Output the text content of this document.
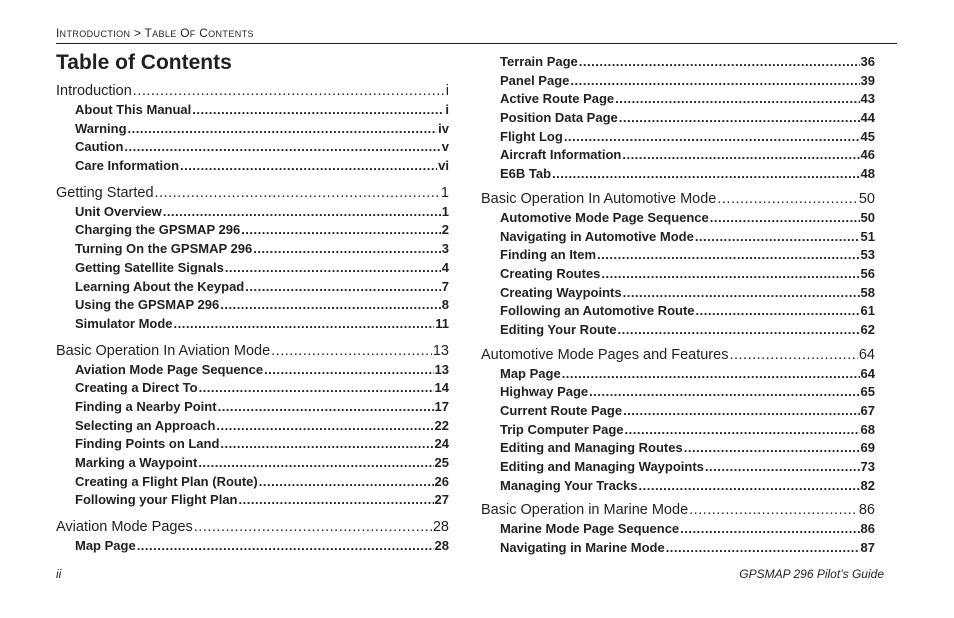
INTRODUCTION > TABLE OF CONTENTS
Table of Contents
Introduction .....	i
About This Manual .....	i
Warning .....	iv
Caution .....	v
Care Information .....	vi
Getting Started .....	1
Unit Overview .....	1
Charging the GPSMAP 296 .....	2
Turning On the GPSMAP 296 .....	3
Getting Satellite Signals .....	4
Learning About the Keypad .....	7
Using the GPSMAP 296 .....	8
Simulator Mode .....	11
Basic Operation In Aviation Mode .....	13
Aviation Mode Page Sequence .....	13
Creating a Direct To .....	14
Finding a Nearby Point .....	17
Selecting an Approach .....	22
Finding Points on Land .....	24
Marking a Waypoint .....	25
Creating a Flight Plan (Route) .....	26
Following your Flight Plan .....	27
Aviation Mode Pages .....	28
Map Page .....	28
Terrain Page .....	36
Panel Page .....	39
Active Route Page .....	43
Position Data Page .....	44
Flight Log .....	45
Aircraft Information .....	46
E6B Tab .....	48
Basic Operation In Automotive Mode .....	50
Automotive Mode Page Sequence .....	50
Navigating in Automotive Mode .....	51
Finding an Item .....	53
Creating Routes .....	56
Creating Waypoints .....	58
Following an Automotive Route .....	61
Editing Your Route .....	62
Automotive Mode Pages and Features .....	64
Map Page .....	64
Highway Page .....	65
Current Route Page .....	67
Trip Computer Page .....	68
Editing and Managing Routes .....	69
Editing and Managing Waypoints .....	73
Managing Your Tracks .....	82
Basic Operation in Marine Mode .....	86
Marine Mode Page Sequence .....	86
Navigating in Marine Mode .....	87
ii	GPSMAP 296 Pilot’s Guide
